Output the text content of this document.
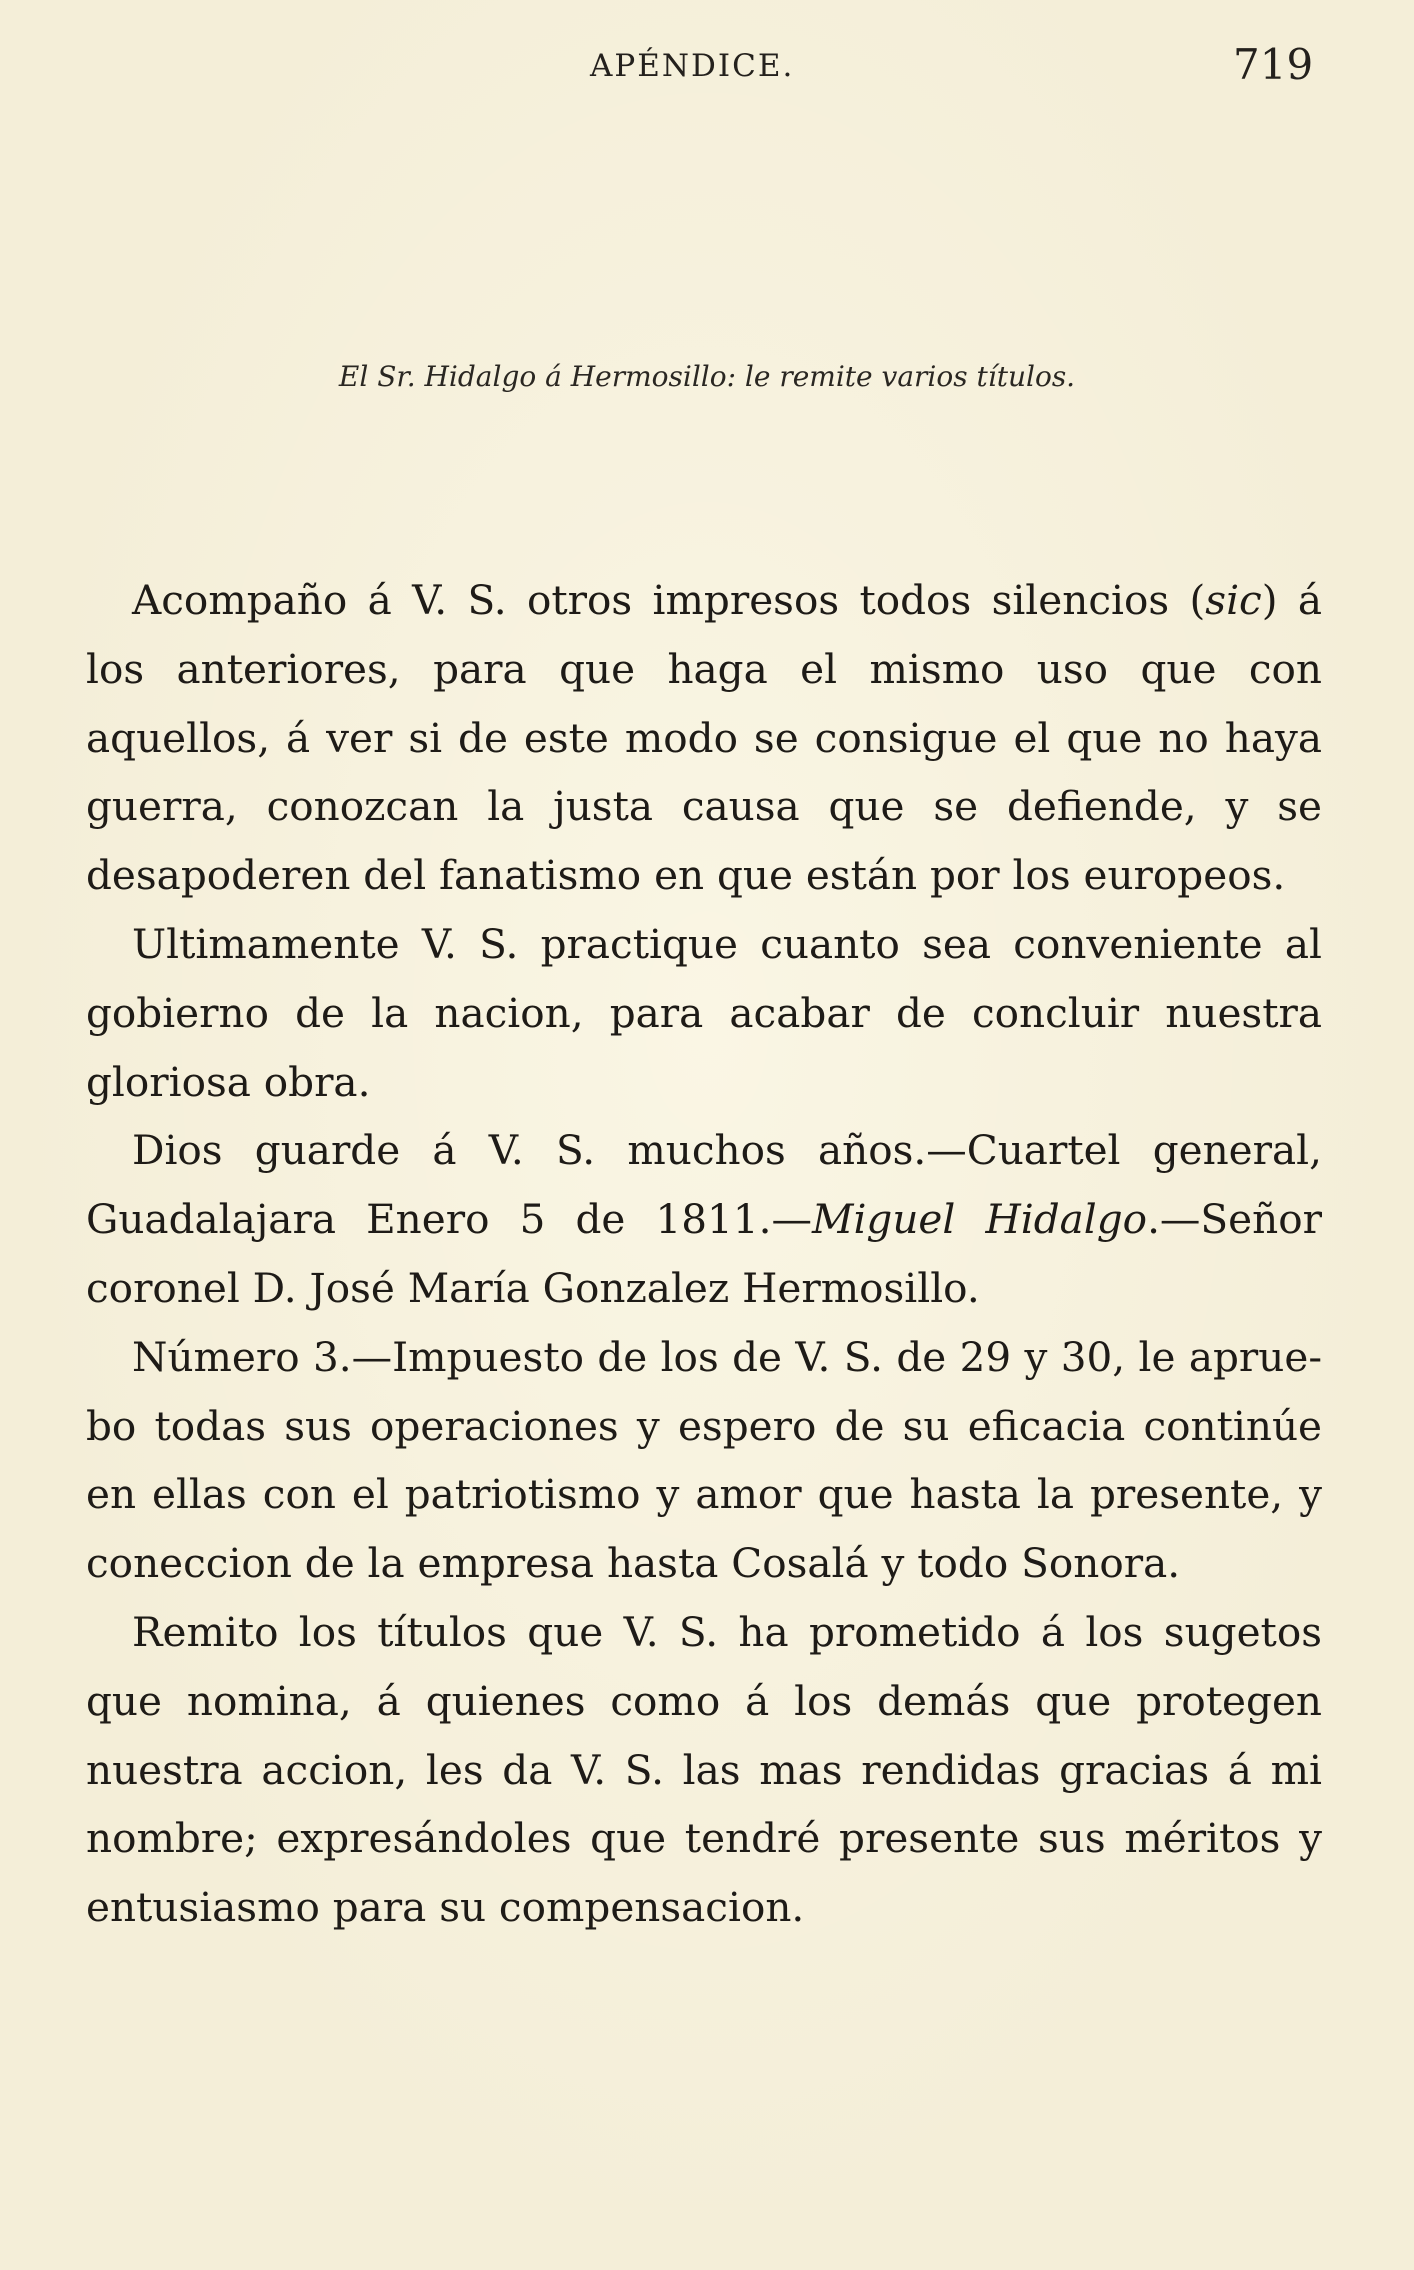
APÉNDICE.	719
El Sr. Hidalgo á Hermosillo: le remite varios títulos.

Acompaño á V. S. otros impresos todos silencios (sic) á los anteriores, para que haga el mismo uso que con aquellos, á ver si de este modo se consigue el que no haya guerra, conozcan la justa causa que se defiende, y se desapoderen del fanatismo en que están por los europeos.

Ultimamente V. S. practique cuanto sea conveniente al gobierno de la nacion, para acabar de concluir nuestra gloriosa obra.

Dios guarde á V. S. muchos años.—Cuartel general, Guadalajara Enero 5 de 1811.—Miguel Hidalgo.—Señor coronel D. José María Gonzalez Hermosillo.

Número 3.—Impuesto de los de V. S. de 29 y 30, le apruebo todas sus operaciones y espero de su eficacia continúe en ellas con el patriotismo y amor que hasta la presente, y coneccion de la empresa hasta Cosalá y todo Sonora.

Remito los títulos que V. S. ha prometido á los sugetos que nomina, á quienes como á los demás que protegen nuestra accion, les da V. S. las mas rendidas gracias á mi nombre; expresándoles que tendré presente sus méritos y entusiasmo para su compensacion.
